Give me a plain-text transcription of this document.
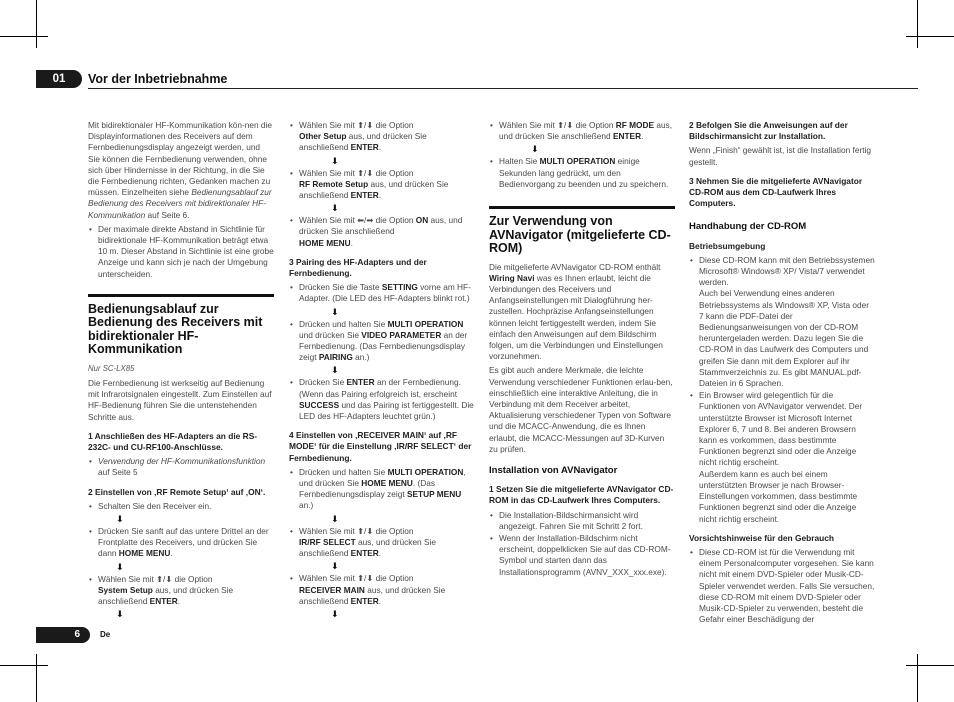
01	Vor der Inbetriebnahme

Mit bidirektionaler HF-Kommunikation kön-nen die Displayinformationen des Receivers auf dem Fernbedienungsdisplay angezeigt werden, und Sie können die Fernbedienung verwenden, ohne sich über Hindernisse in der Richtung, in die Sie die Fernbedienung richten, Gedanken machen zu müssen. Einzelheiten siehe Bedienungsablauf zur Bedienung des Receivers mit bidirektionaler HF-Kommunikation auf Seite 6.

• Der maximale direkte Abstand in Sichtlinie für bidirektionale HF-Kommunikation beträgt etwa 10 m. Dieser Abstand in Sichtlinie ist eine grobe Anzeige und kann sich je nach der Umgebung unterscheiden.
Bedienungsablauf zur Bedienung des Receivers mit bidirektionaler HF-Kommunikation
Nur SC-LX85

Die Fernbedienung ist werkseitig auf Bedienung mit Infrarotsignalen eingestellt. Zum Einstellen auf HF-Bedienung führen Sie die untenstehenden Schritte aus.

1 Anschließen des HF-Adapters an die RS-232C- und CU-RF100-Anschlüsse.
• Verwendung der HF-Kommunikationsfunktion auf Seite 5
2 Einstellen von ‚RF Remote Setup‘ auf ‚ON‘.
• Schalten Sie den Receiver ein.
⬇
• Drücken Sie sanft auf das untere Drittel an der Frontplatte des Receivers, und drücken Sie dann HOME MENU.
⬇
• Wählen Sie mit ⬆/⬇ die Option
System Setup aus, und drücken Sie anschließend ENTER.
⬇
• Wählen Sie mit ⬆/⬇ die Option
Other Setup aus, und drücken Sie anschließend ENTER.
⬇
• Wählen Sie mit ⬆/⬇ die Option
RF Remote Setup aus, und drücken Sie anschließend ENTER.
⬇
• Wählen Sie mit ⬅/➡ die Option ON aus, und drücken Sie anschließend
HOME MENU.
3 Pairing des HF-Adapters und der Fernbedienung.
• Drücken Sie die Taste SETTING vorne am HF-Adapter. (Die LED des HF-Adapters blinkt rot.)
⬇
• Drücken und halten Sie MULTI OPERATION und drücken Sie VIDEO PARAMETER an der Fernbedienung. (Das Fernbedienungsdisplay zeigt PAIRING an.)
⬇
• Drücken Sie ENTER an der Fernbedienung. (Wenn das Pairing erfolgreich ist, erscheint SUCCESS und das Pairing ist fertiggestellt. Die LED des HF-Adapters leuchtet grün.)
4 Einstellen von ‚RECEIVER MAIN‘ auf ‚RF MODE‘ für die Einstellung ‚IR/RF SELECT‘ der Fernbedienung.
• Drücken und halten Sie MULTI OPERATION, und drücken Sie HOME MENU. (Das Fernbedienungsdisplay zeigt SETUP MENU an.)
⬇
• Wählen Sie mit ⬆/⬇ die Option
IR/RF SELECT aus, und drücken Sie anschließend ENTER.
⬇
• Wählen Sie mit ⬆/⬇ die Option
RECEIVER MAIN aus, und drücken Sie anschließend ENTER.
⬇
• Wählen Sie mit ⬆/⬇ die Option RF MODE aus, und drücken Sie anschließend ENTER.
⬇
• Halten Sie MULTI OPERATION einige Sekunden lang gedrückt, um den Bedienvorgang zu beenden und zu speichern.
Zur Verwendung von AVNavigator (mitgelieferte CD-ROM)

Die mitgelieferte AVNavigator CD-ROM enthält Wiring Navi was es Ihnen erlaubt, leicht die Verbindungen des Receivers und Anfangseinstellungen mit Dialogführung her-zustellen. Hochpräzise Anfangseinstellungen können leicht fertiggestellt werden, indem Sie einfach den Anweisungen auf dem Bildschirm folgen, um die Verbindungen und Einstellungen vorzunehmen.

Es gibt auch andere Merkmale, die leichte Verwendung verschiedener Funktionen erlau-ben, einschließlich eine interaktive Anleitung, die in Verbindung mit dem Receiver arbeitet, Aktualisierung verschiedener Typen von Software und die MCACC-Anwendung, die es Ihnen erlaubt, die MCACC-Messungen auf 3D-Kurven zu prüfen.

Installation von AVNavigator
1 Setzen Sie die mitgelieferte AVNavigator CD-ROM in das CD-Laufwerk Ihres Computers.
• Die Installation-Bildschirmansicht wird angezeigt. Fahren Sie mit Schritt 2 fort.
• Wenn der Installation-Bildschirm nicht erscheint, doppelklicken Sie auf das CD-ROM-Symbol und starten dann das Installationsprogramm (AVNV_XXX_xxx.exe).
2 Befolgen Sie die Anweisungen auf der Bildschirmansicht zur Installation.

Wenn „Finish“ gewählt ist, ist die Installation fertig gestellt.

3 Nehmen Sie die mitgelieferte AVNavigator CD-ROM aus dem CD-Laufwerk Ihres Computers.
Handhabung der CD-ROM
Betriebsumgebung
• Diese CD-ROM kann mit den Betriebssystemen Microsoft® Windows® XP/ Vista/7 verwendet werden.
Auch bei Verwendung eines anderen Betriebssystems als Windows® XP, Vista oder 7 kann die PDF-Datei der Bedienungsanweisungen von der CD-ROM heruntergeladen werden. Dazu legen Sie die CD-ROM in das Laufwerk des Computers und greifen Sie dann mit dem Explorer auf ihr Stammverzeichnis zu. Es gibt MANUAL.pdf-Dateien in 6 Sprachen.
• Ein Browser wird gelegentlich für die Funktionen von AVNavigator verwendet. Der unterstützte Browser ist Microsoft Internet Explorer 6, 7 und 8. Bei anderen Browsern kann es vorkommen, dass bestimmte Funktionen begrenzt sind oder die Anzeige nicht richtig erscheint.
Außerdem kann es auch bei einem unterstützten Browser je nach Browser-Einstellungen vorkommen, dass bestimmte Funktionen begrenzt sind oder die Anzeige nicht richtig erscheint.
Vorsichtshinweise für den Gebrauch
• Diese CD-ROM ist für die Verwendung mit einem Personalcomputer vorgesehen. Sie kann nicht mit einem DVD-Spieler oder Musik-CD-Spieler verwendet werden. Falls Sie versuchen, diese CD-ROM mit einem DVD-Spieler oder Musik-CD-Spieler zu verwenden, besteht die Gefahr einer Beschädigung der
6	De
